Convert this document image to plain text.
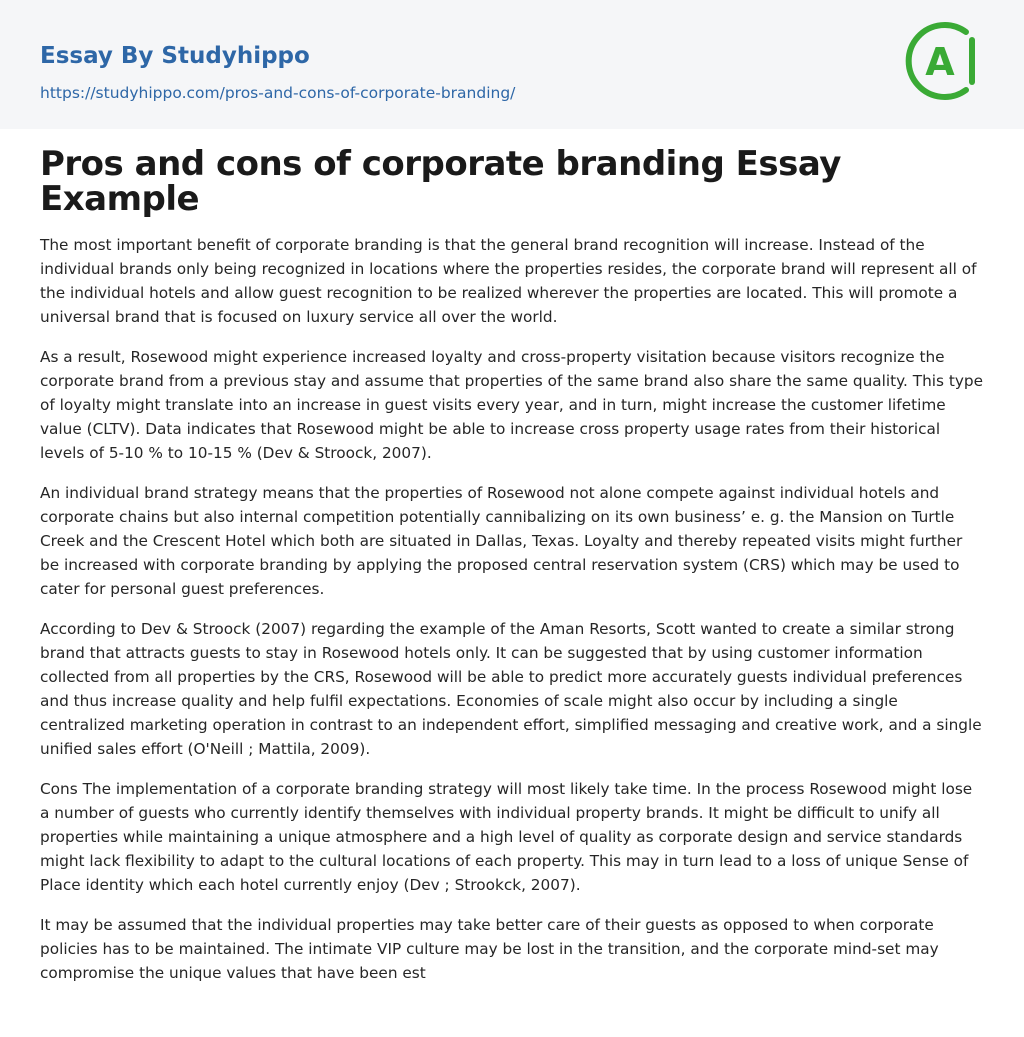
Essay By Studyhippo
https://studyhippo.com/pros-and-cons-of-corporate-branding/
A
Pros and cons of corporate branding Essay Example

The most important benefit of corporate branding is that the general brand recognition will increase. Instead of the individual brands only being recognized in locations where the properties resides, the corporate brand will represent all of the individual hotels and allow guest recognition to be realized wherever the properties are located. This will promote a universal brand that is focused on luxury service all over the world.

As a result, Rosewood might experience increased loyalty and cross-property visitation because visitors recognize the corporate brand from a previous stay and assume that properties of the same brand also share the same quality. This type of loyalty might translate into an increase in guest visits every year, and in turn, might increase the customer lifetime value (CLTV). Data indicates that Rosewood might be able to increase cross property usage rates from their historical levels of 5-10 % to 10-15 % (Dev & Stroock, 2007).

An individual brand strategy means that the properties of Rosewood not alone compete against individual hotels and corporate chains but also internal competition potentially cannibalizing on its own business’ e. g. the Mansion on Turtle Creek and the Crescent Hotel which both are situated in Dallas, Texas. Loyalty and thereby repeated visits might further be increased with corporate branding by applying the proposed central reservation system (CRS) which may be used to cater for personal guest preferences.

According to Dev & Stroock (2007) regarding the example of the Aman Resorts, Scott wanted to create a similar strong brand that attracts guests to stay in Rosewood hotels only. It can be suggested that by using customer information collected from all properties by the CRS, Rosewood will be able to predict more accurately guests individual preferences and thus increase quality and help fulfil expectations. Economies of scale might also occur by including a single centralized marketing operation in contrast to an independent effort, simplified messaging and creative work, and a single unified sales effort (O'Neill ; Mattila, 2009).

Cons The implementation of a corporate branding strategy will most likely take time. In the process Rosewood might lose a number of guests who currently identify themselves with individual property brands. It might be difficult to unify all properties while maintaining a unique atmosphere and a high level of quality as corporate design and service standards might lack flexibility to adapt to the cultural locations of each property. This may in turn lead to a loss of unique Sense of Place identity which each hotel currently enjoy (Dev ; Strookck, 2007).

It may be assumed that the individual properties may take better care of their guests as opposed to when corporate policies has to be maintained. The intimate VIP culture may be lost in the transition, and the corporate mind-set may compromise the unique values that have been est
